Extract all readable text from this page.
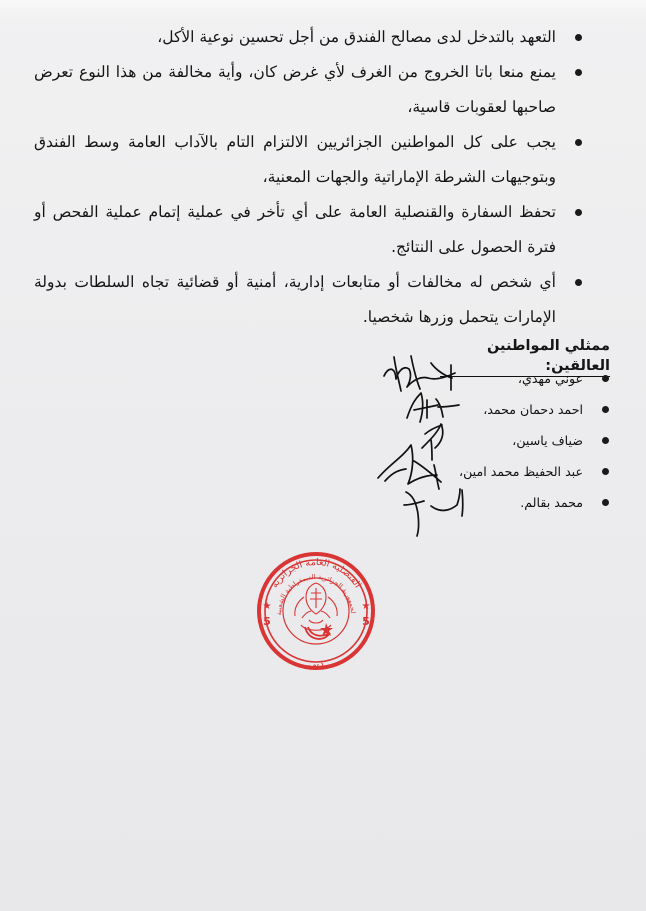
التعهد بالتدخل لدى مصالح الفندق من أجل تحسين نوعية الأكل،
يمنع منعا باتا الخروج من الغرف لأي غرض كان، وأية مخالفة من هذا النوع تعرض صاحبها لعقوبات قاسية،
يجب على كل المواطنين الجزائريين الالتزام التام بالآداب العامة وسط الفندق وبتوجيهات الشرطة الإماراتية والجهات المعنية،
تحفظ السفارة والقنصلية العامة على أي تأخر في عملية إتمام عملية الفحص أو فترة الحصول على النتائج.
أي شخص له مخالفات أو متابعات إدارية، أمنية أو قضائية تجاه السلطات بدولة الإمارات يتحمل وزرها شخصيا.
ممثلي المواطنين العالقين:
عوني مهدي،
احمد دحمان محمد،
ضياف ياسين،
عبد الحفيظ محمد امين،
محمد بقالم.
القنصلية العامة الجزائرية
لجمهورية الجزائرية الديمقراطية الشعبية
5	5
★	★
دبي
